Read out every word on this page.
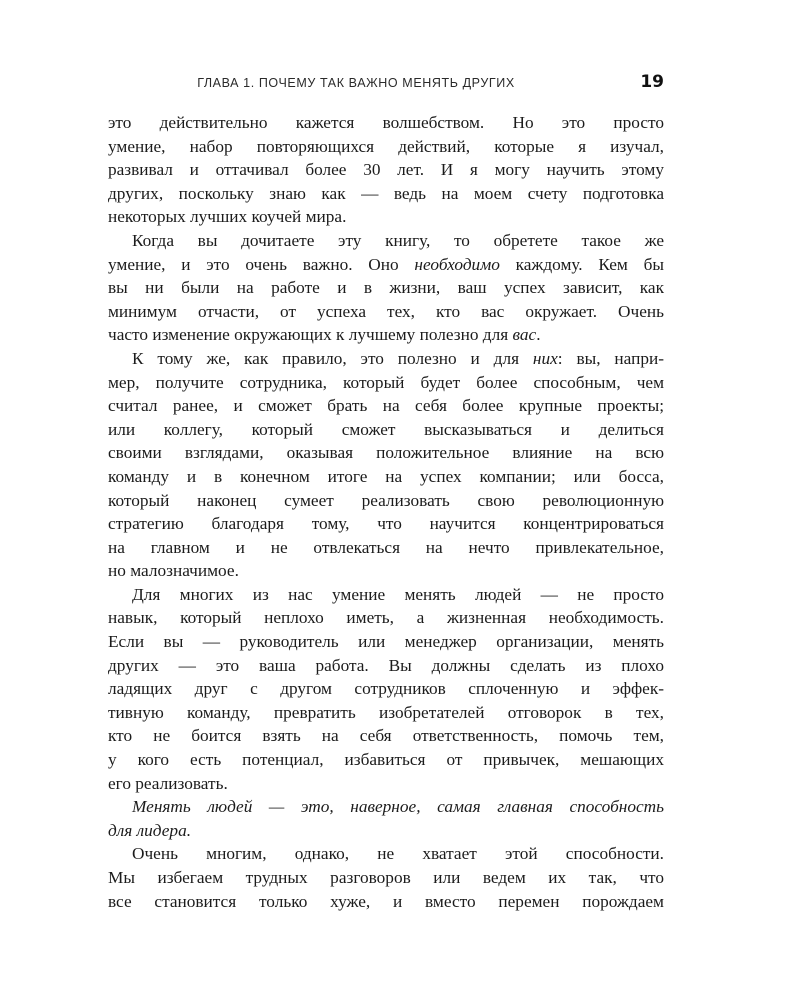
ГЛАВА 1. ПОЧЕМУ ТАК ВАЖНО МЕНЯТЬ ДРУГИХ	19
это действительно кажется волшебством. Но это просто
умение, набор повторяющихся действий, которые я изучал,
развивал и оттачивал более 30 лет. И я могу научить этому
других, поскольку знаю как — ведь на моем счету подготовка
некоторых лучших коучей мира.
Когда вы дочитаете эту книгу, то обретете такое же
умение, и это очень важно. Оно необходимо каждому. Кем бы
вы ни были на работе и в жизни, ваш успех зависит, как
минимум отчасти, от успеха тех, кто вас окружает. Очень
часто изменение окружающих к лучшему полезно для вас.
К тому же, как правило, это полезно и для них: вы, напри-
мер, получите сотрудника, который будет более способным, чем
считал ранее, и сможет брать на себя более крупные проекты;
или коллегу, который сможет высказываться и делиться
своими взглядами, оказывая положительное влияние на всю
команду и в конечном итоге на успех компании; или босса,
который наконец сумеет реализовать свою революционную
стратегию благодаря тому, что научится концентрироваться
на главном и не отвлекаться на нечто привлекательное,
но малозначимое.
Для многих из нас умение менять людей — не просто
навык, который неплохо иметь, а жизненная необходимость.
Если вы — руководитель или менеджер организации, менять
других — это ваша работа. Вы должны сделать из плохо
ладящих друг с другом сотрудников сплоченную и эффек-
тивную команду, превратить изобретателей отговорок в тех,
кто не боится взять на себя ответственность, помочь тем,
у кого есть потенциал, избавиться от привычек, мешающих
его реализовать.
Менять людей — это, наверное, самая главная способность
для лидера.
Очень многим, однако, не хватает этой способности.
Мы избегаем трудных разговоров или ведем их так, что
все становится только хуже, и вместо перемен порождаем
